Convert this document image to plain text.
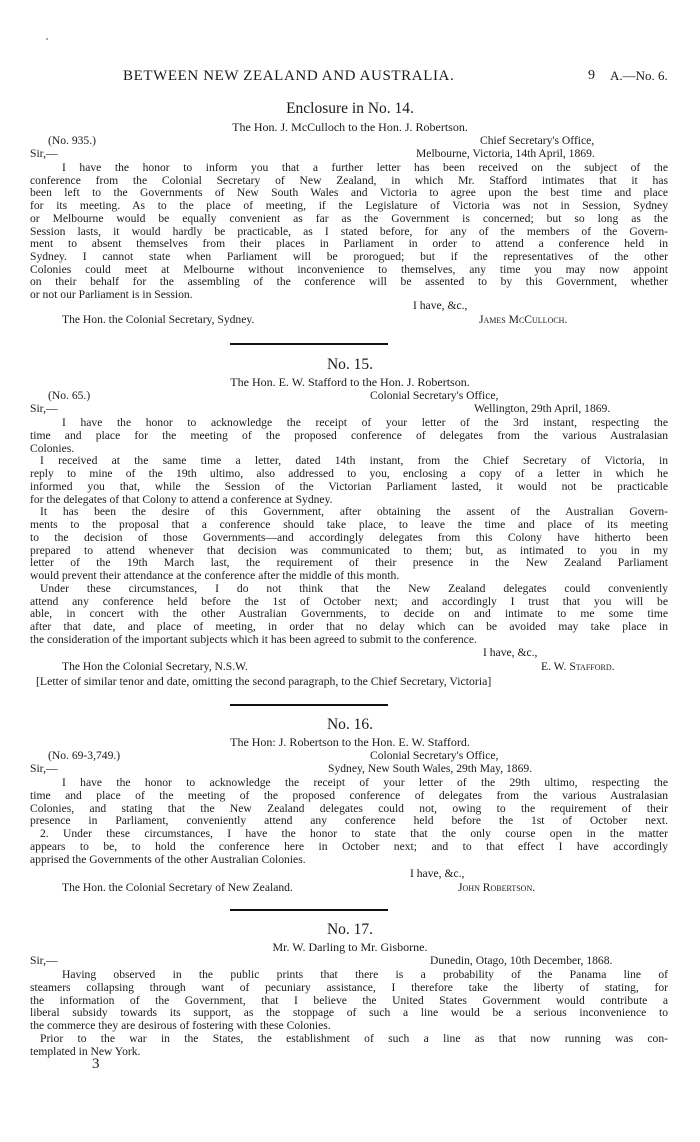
BETWEEN NEW ZEALAND AND AUSTRALIA.	9 A.—No. 6.
Enclosure in No. 14.
The Hon. J. McCulloch to the Hon. J. Robertson.
(No. 935.)	Chief Secretary's Office,
Sir,—	Melbourne, Victoria, 14th April, 1869.
I have the honor to inform you that a further letter has been received on the subject of the
conference from the Colonial Secretary of New Zealand, in which Mr. Stafford intimates that it has
been left to the Governments of New South Wales and Victoria to agree upon the best time and place
for its meeting. As to the place of meeting, if the Legislature of Victoria was not in Session, Sydney
or Melbourne would be equally convenient as far as the Government is concerned; but so long as the
Session lasts, it would hardly be practicable, as I stated before, for any of the members of the Govern-
ment to absent themselves from their places in Parliament in order to attend a conference held in
Sydney. I cannot state when Parliament will be prorogued; but if the representatives of the other
Colonies could meet at Melbourne without inconvenience to themselves, any time you may now appoint
on their behalf for the assembling of the conference will be assented to by this Government, whether
or not our Parliament is in Session.
I have, &c.,
The Hon. the Colonial Secretary, Sydney.	James McCulloch.
No. 15.
The Hon. E. W. Stafford to the Hon. J. Robertson.
(No. 65.)	Colonial Secretary's Office,
Sir,—	Wellington, 29th April, 1869.
I have the honor to acknowledge the receipt of your letter of the 3rd instant, respecting the
time and place for the meeting of the proposed conference of delegates from the various Australasian
Colonies.
I received at the same time a letter, dated 14th instant, from the Chief Secretary of Victoria, in
reply to mine of the 19th ultimo, also addressed to you, enclosing a copy of a letter in which he
informed you that, while the Session of the Victorian Parliament lasted, it would not be practicable
for the delegates of that Colony to attend a conference at Sydney.
It has been the desire of this Government, after obtaining the assent of the Australian Govern-
ments to the proposal that a conference should take place, to leave the time and place of its meeting
to the decision of those Governments—and accordingly delegates from this Colony have hitherto been
prepared to attend whenever that decision was communicated to them; but, as intimated to you in my
letter of the 19th March last, the requirement of their presence in the New Zealand Parliament
would prevent their attendance at the conference after the middle of this month.
Under these circumstances, I do not think that the New Zealand delegates could conveniently
attend any conference held before the 1st of October next; and accordingly I trust that you will be
able, in concert with the other Australian Governments, to decide on and intimate to me some time
after that date, and place of meeting, in order that no delay which can be avoided may take place in
the consideration of the important subjects which it has been agreed to submit to the conference.
I have, &c.,
The Hon the Colonial Secretary, N.S.W.	E. W. Stafford.
[Letter of similar tenor and date, omitting the second paragraph, to the Chief Secretary, Victoria]
No. 16.
The Hon: J. Robertson to the Hon. E. W. Stafford.
(No. 69-3,749.)	Colonial Secretary's Office,
Sir,—	Sydney, New South Wales, 29th May, 1869.
I have the honor to acknowledge the receipt of your letter of the 29th ultimo, respecting the
time and place of the meeting of the proposed conference of delegates from the various Australasian
Colonies, and stating that the New Zealand delegates could not, owing to the requirement of their
presence in Parliament, conveniently attend any conference held before the 1st of October next.
2. Under these circumstances, I have the honor to state that the only course open in the matter
appears to be, to hold the conference here in October next; and to that effect I have accordingly
apprised the Governments of the other Australian Colonies.
I have, &c.,
The Hon. the Colonial Secretary of New Zealand.	John Robertson.
No. 17.
Mr. W. Darling to Mr. Gisborne.
Sir,—	Dunedin, Otago, 10th December, 1868.
Having observed in the public prints that there is a probability of the Panama line of
steamers collapsing through want of pecuniary assistance, I therefore take the liberty of stating, for
the information of the Government, that I believe the United States Government would contribute a
liberal subsidy towards its support, as the stoppage of such a line would be a serious inconvenience to
the commerce they are desirous of fostering with these Colonies.
Prior to the war in the States, the establishment of such a line as that now running was con-
templated in New York.
3
